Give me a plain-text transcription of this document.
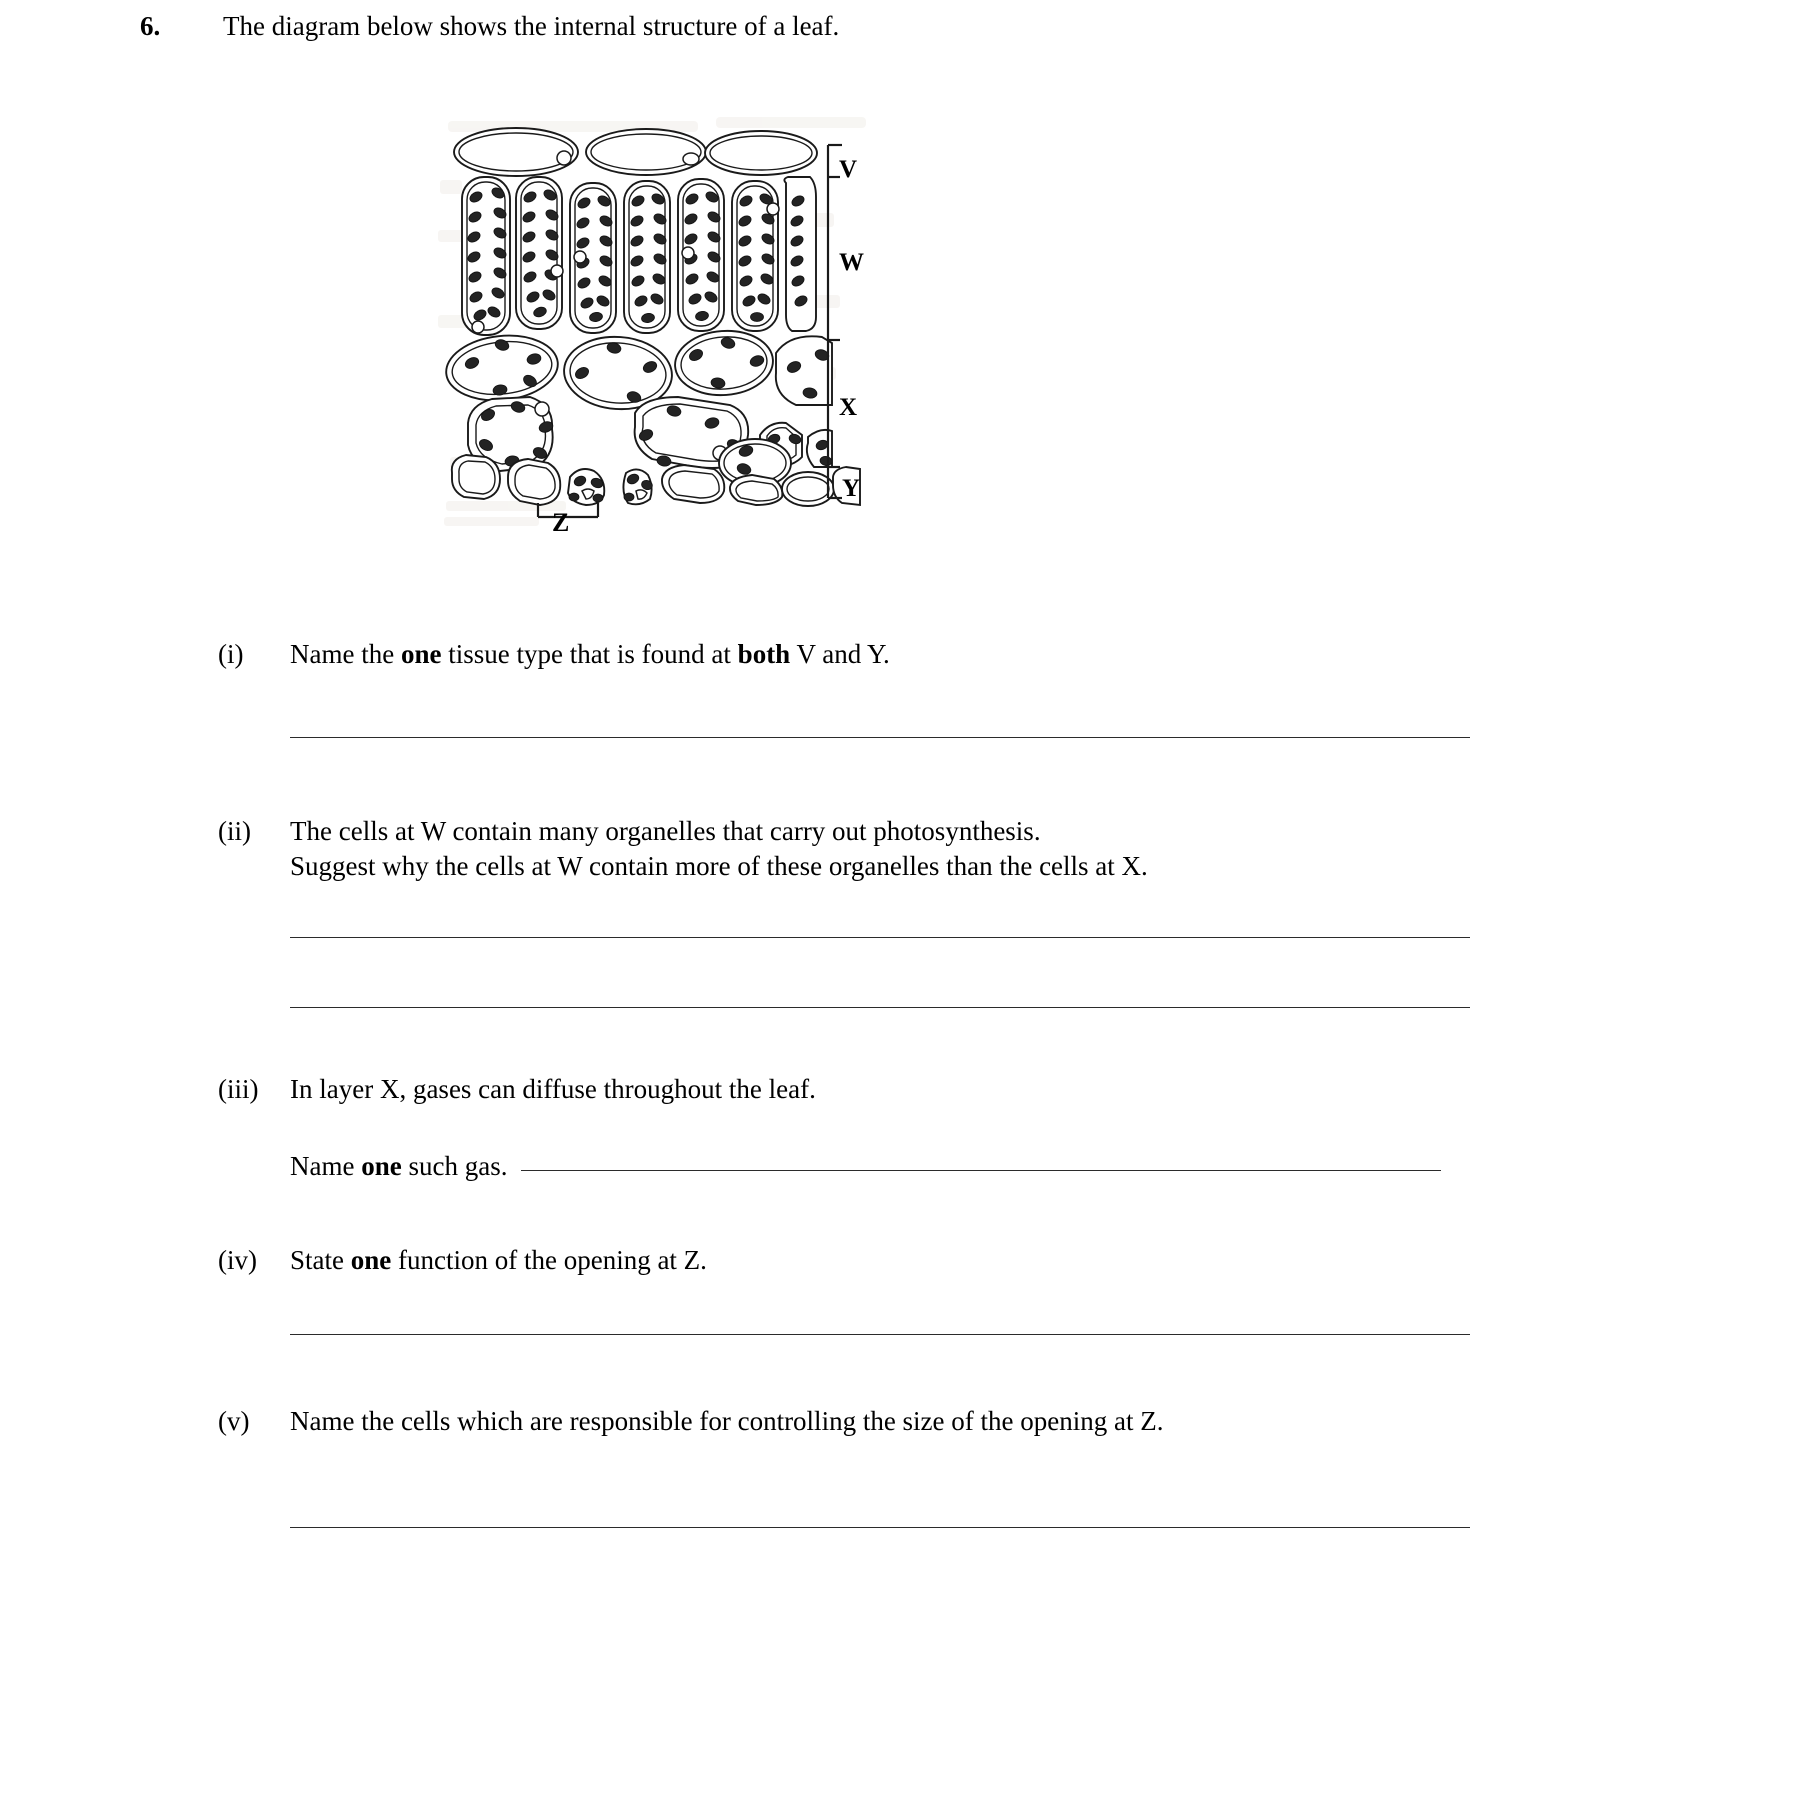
6.	The diagram below shows the internal structure of a leaf.
V
W
X
Y
Z
(i)	Name the one tissue type that is found at both V and Y.
(ii)	The cells at W contain many organelles that carry out photosynthesis.
Suggest why the cells at W contain more of these organelles than the cells at X.
(iii)	In layer X, gases can diffuse throughout the leaf.
Name one such gas.
(iv)	State one function of the opening at Z.
(v)	Name the cells which are responsible for controlling the size of the opening at Z.
